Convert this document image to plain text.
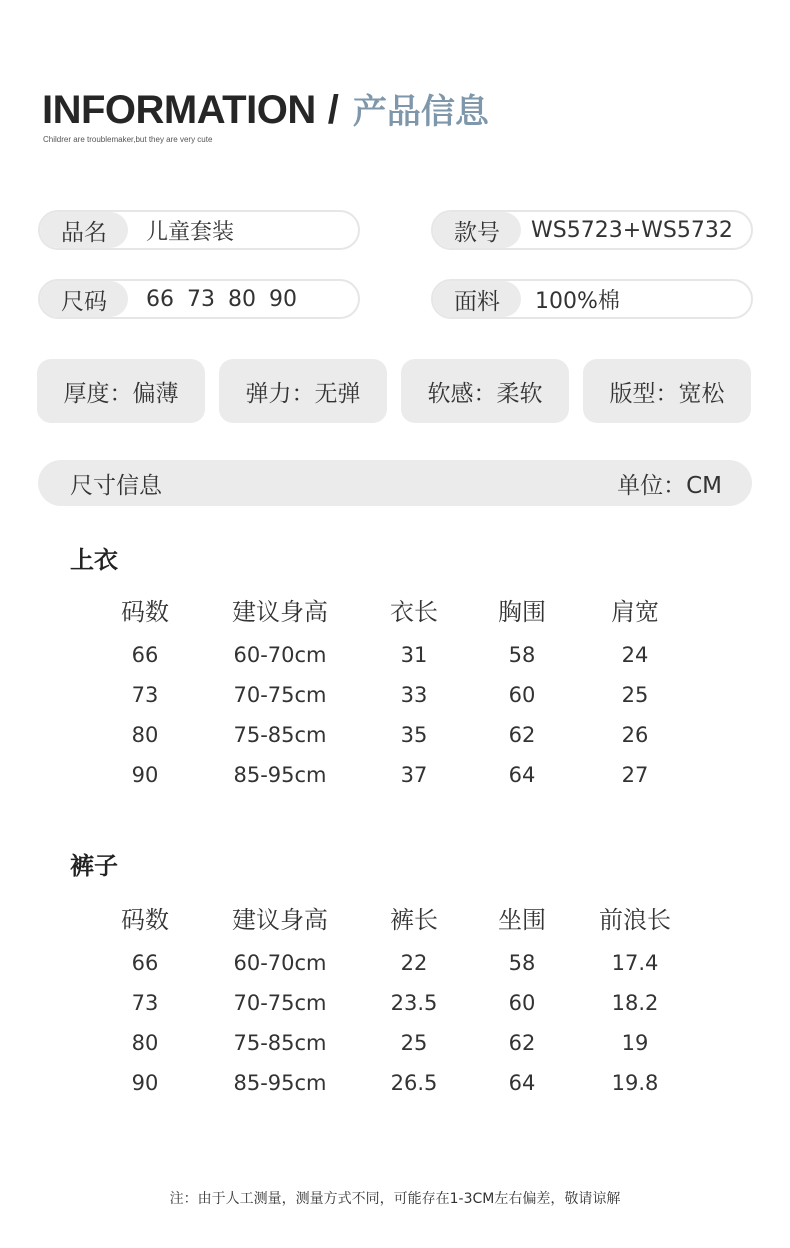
INFORMATION / 产品信息
Childrer are troublemaker,but they are very cute
品名	儿童套装	款号	WS5723+WS5732
尺码	66 73 80 90	面料	100%棉
厚度：偏薄	弹力：无弹	软感：柔软	版型：宽松
尺寸信息	单位：CM
上衣
码数	建议身高	衣长	胸围	肩宽
66	60-70cm	31	58	24
73	70-75cm	33	60	25
80	75-85cm	35	62	26
90	85-95cm	37	64	27
裤子
码数	建议身高	裤长	坐围	前浪长
66	60-70cm	22	58	17.4
73	70-75cm	23.5	60	18.2
80	75-85cm	25	62	19
90	85-95cm	26.5	64	19.8
注：由于人工测量，测量方式不同，可能存在1-3CM左右偏差，敬请谅解
